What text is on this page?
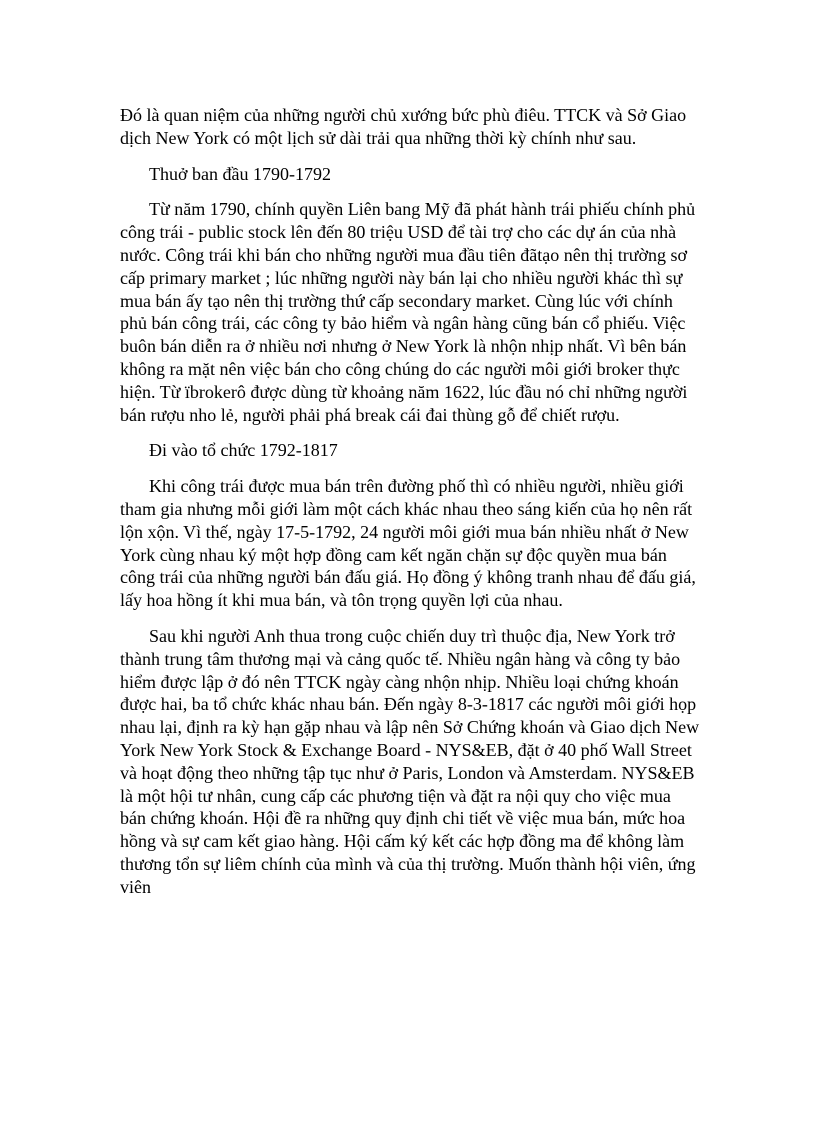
Đó là quan niệm của những người chủ xướng bức phù điêu. TTCK và Sở Giao dịch New York có một lịch sử dài trải qua những thời kỳ chính như sau.

Thuở ban đầu 1790-1792

Từ năm 1790, chính quyền Liên bang Mỹ đã phát hành trái phiếu chính phủ công trái - public stock lên đến 80 triệu USD để tài trợ cho các dự án của nhà nước. Công trái khi bán cho những người mua đầu tiên đãtạo nên thị trường sơ cấp primary market ; lúc những người này bán lại cho nhiều người khác thì sự mua bán ấy tạo nên thị trường thứ cấp secondary market. Cùng lúc với chính phủ bán công trái, các công ty bảo hiểm và ngân hàng cũng bán cổ phiếu. Việc buôn bán diễn ra ở nhiều nơi nhưng ở New York là nhộn nhịp nhất. Vì bên bán không ra mặt nên việc bán cho công chúng do các người môi giới broker thực hiện. Từ ïbrokerô được dùng từ khoảng năm 1622, lúc đầu nó chỉ những người bán rượu nho lẻ, người phải phá break cái đai thùng gỗ để chiết rượu.

Đi vào tổ chức 1792-1817

Khi công trái được mua bán trên đường phố thì có nhiều người, nhiều giới tham gia nhưng mỗi giới làm một cách khác nhau theo sáng kiến của họ nên rất lộn xộn. Vì thế, ngày 17-5-1792, 24 người môi giới mua bán nhiều nhất ở New York cùng nhau ký một hợp đồng cam kết ngăn chặn sự độc quyền mua bán công trái của những người bán đấu giá. Họ đồng ý không tranh nhau để đấu giá, lấy hoa hồng ít khi mua bán, và tôn trọng quyền lợi của nhau.

Sau khi người Anh thua trong cuộc chiến duy trì thuộc địa, New York trở thành trung tâm thương mại và cảng quốc tế. Nhiều ngân hàng và công ty bảo hiểm được lập ở đó nên TTCK ngày càng nhộn nhịp. Nhiều loại chứng khoán được hai, ba tổ chức khác nhau bán. Đến ngày 8-3-1817 các người môi giới họp nhau lại, định ra kỳ hạn gặp nhau và lập nên Sở Chứng khoán và Giao dịch New York New York Stock & Exchange Board - NYS&EB, đặt ở 40 phố Wall Street và hoạt động theo những tập tục như ở Paris, London và Amsterdam. NYS&EB là một hội tư nhân, cung cấp các phương tiện và đặt ra nội quy cho việc mua bán chứng khoán. Hội đề ra những quy định chi tiết về việc mua bán, mức hoa hồng và sự cam kết giao hàng. Hội cấm ký kết các hợp đồng ma để không làm thương tổn sự liêm chính của mình và của thị trường. Muốn thành hội viên, ứng viên
